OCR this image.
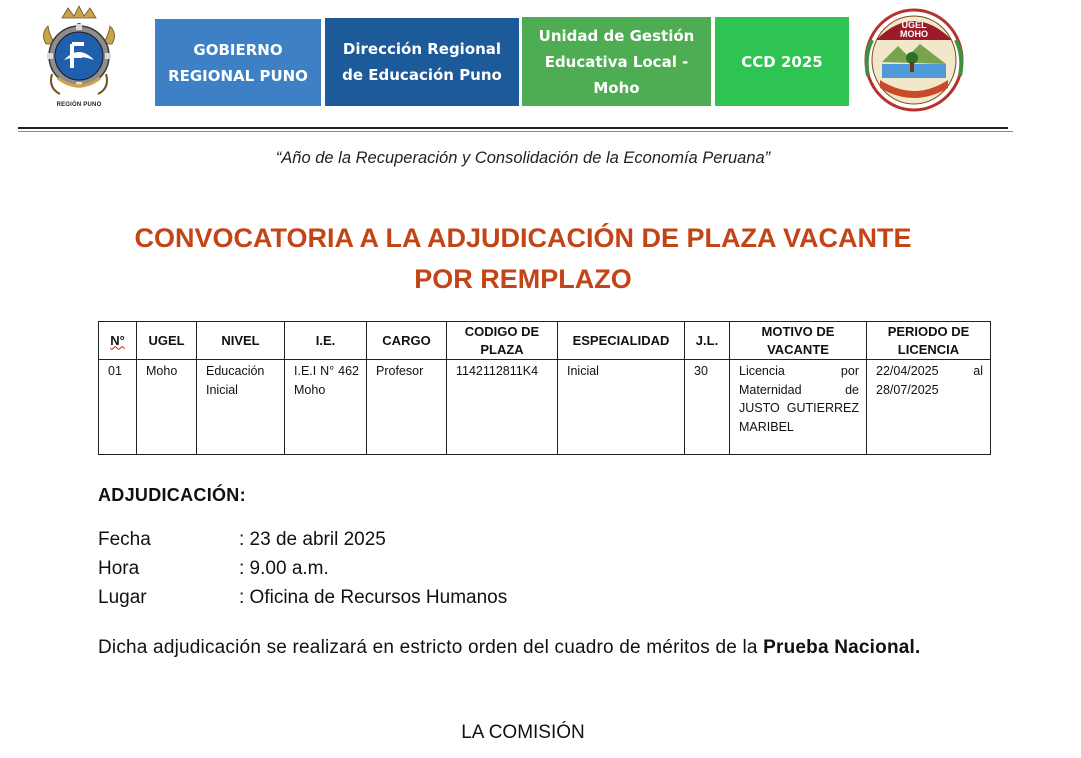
REGIÓN PUNO
GOBIERNO
REGIONAL PUNO
Dirección Regional
de Educación Puno
Unidad de Gestión
Educativa Local -
Moho
CCD 2025
UGEL
MOHO
“Año de la Recuperación y Consolidación de la Economía Peruana”
CONVOCATORIA A LA ADJUDICACIÓN DE PLAZA VACANTE
POR REMPLAZO
N°	UGEL	NIVEL	I.E.	CARGO	CODIGO DE PLAZA	ESPECIALIDAD	J.L.	MOTIVO DE VACANTE	PERIODO DE LICENCIA
01	Moho	Educación Inicial	I.E.I N° 462 Moho	Profesor	1142112811K4	Inicial	30	Licencia por Maternidad de JUSTO GUTIERREZ MARIBEL	22/04/2025 al 28/07/2025
ADJUDICACIÓN:
Fecha	: 23 de abril 2025
Hora	: 9.00 a.m.
Lugar	: Oficina de Recursos Humanos
Dicha adjudicación se realizará en estricto orden del cuadro de méritos de la Prueba Nacional.
LA COMISIÓN
